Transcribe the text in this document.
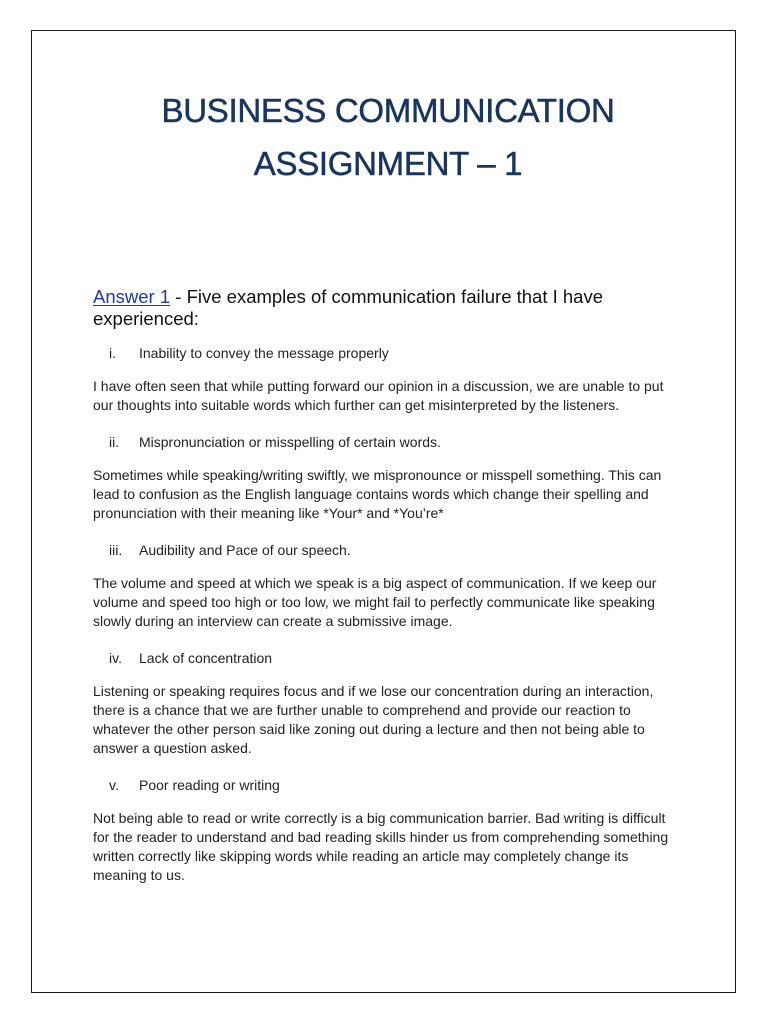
BUSINESS COMMUNICATION
ASSIGNMENT – 1

Answer 1 - Five examples of communication failure that I have experienced:

i.	Inability to convey the message properly

I have often seen that while putting forward our opinion in a discussion, we are unable to put our thoughts into suitable words which further can get misinterpreted by the listeners.

ii.	Mispronunciation or misspelling of certain words.

Sometimes while speaking/writing swiftly, we mispronounce or misspell something. This can lead to confusion as the English language contains words which change their spelling and pronunciation with their meaning like *Your* and *You’re*

iii.	Audibility and Pace of our speech.

The volume and speed at which we speak is a big aspect of communication. If we keep our volume and speed too high or too low, we might fail to perfectly communicate like speaking slowly during an interview can create a submissive image.

iv.	Lack of concentration

Listening or speaking requires focus and if we lose our concentration during an interaction, there is a chance that we are further unable to comprehend and provide our reaction to whatever the other person said like zoning out during a lecture and then not being able to answer a question asked.

v.	Poor reading or writing

Not being able to read or write correctly is a big communication barrier. Bad writing is difficult for the reader to understand and bad reading skills hinder us from comprehending something written correctly like skipping words while reading an article may completely change its meaning to us.
